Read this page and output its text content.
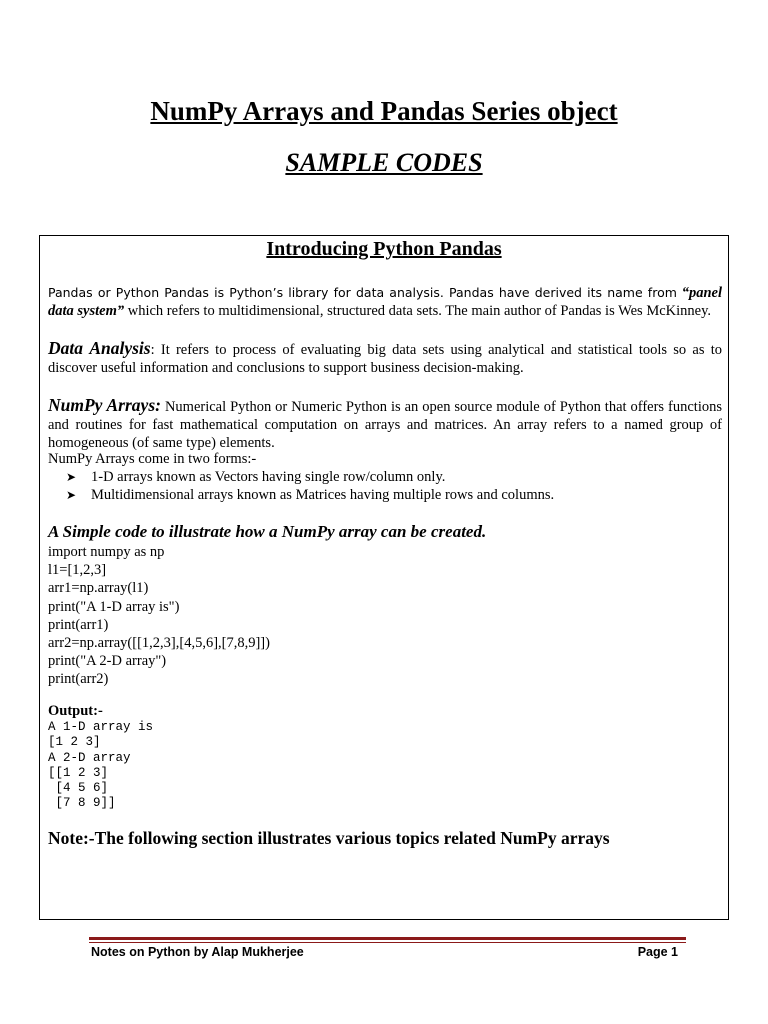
NumPy Arrays and Pandas Series object
SAMPLE CODES
Introducing Python Pandas

Pandas or Python Pandas is Python’s library for data analysis. Pandas have derived its name from “panel data system” which refers to multidimensional, structured data sets. The main author of Pandas is Wes McKinney.

Data Analysis: It refers to process of evaluating big data sets using analytical and statistical tools so as to discover useful information and conclusions to support business decision-making.

NumPy Arrays: Numerical Python or Numeric Python is an open source module of Python that offers functions and routines for fast mathematical computation on arrays and matrices. An array refers to a named group of homogeneous (of same type) elements.

NumPy Arrays come in two forms:-

➤ 1-D arrays known as Vectors having single row/column only.
➤ Multidimensional arrays known as Matrices having multiple rows and columns.

A Simple code to illustrate how a NumPy array can be created.

import numpy as np
l1=[1,2,3]
arr1=np.array(l1)
print("A 1-D array is")
print(arr1)
arr2=np.array([[1,2,3],[4,5,6],[7,8,9]])
print("A 2-D array")
print(arr2)

Output:-

A 1-D array is
[1 2 3]
A 2-D array
[[1 2 3]
[4 5 6]
[7 8 9]]

Note:-The following section illustrates various topics related NumPy arrays

Notes on Python by Alap Mukherjee	Page 1
